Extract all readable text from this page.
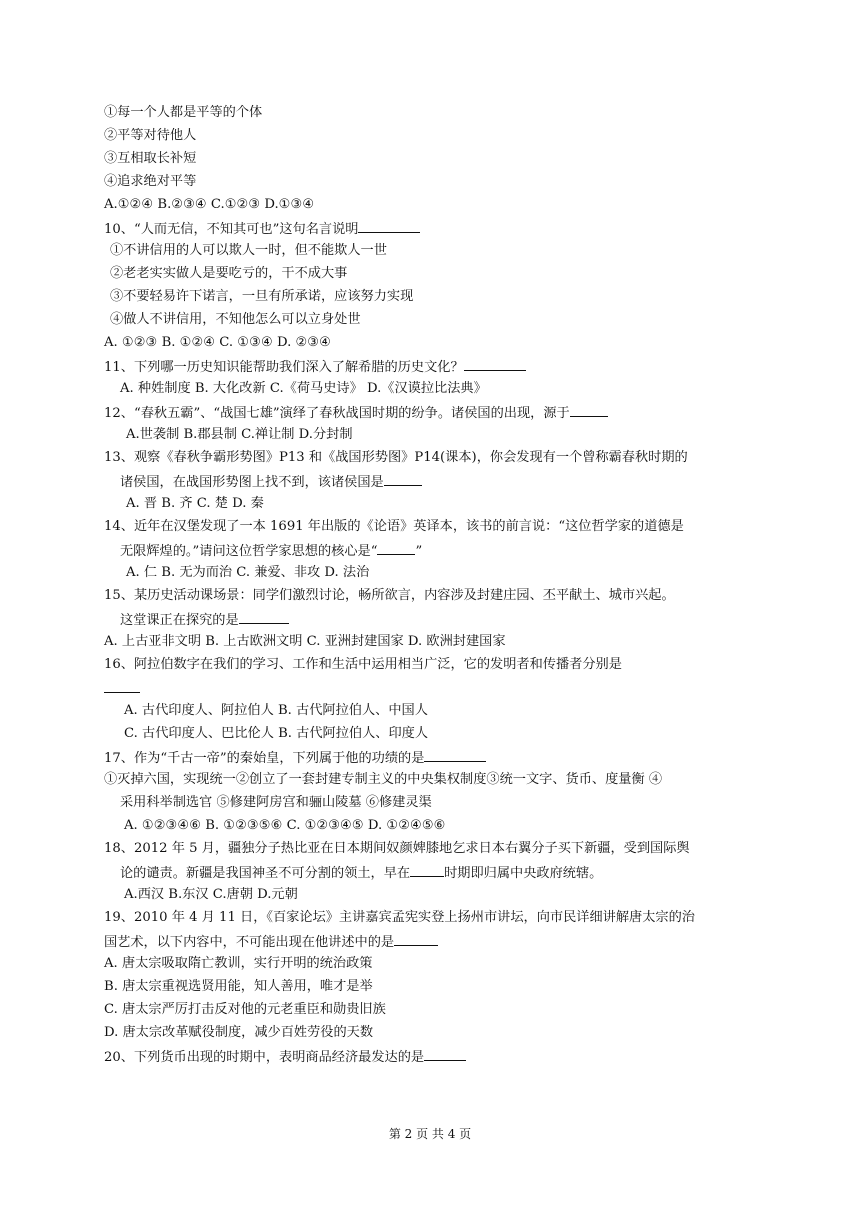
①每一个人都是平等的个体
②平等对待他人
③互相取长补短
④追求绝对平等
A.①②④ B.②③④ C.①②③ D.①③④
10、“人而无信，不知其可也”这句名言说明
①不讲信用的人可以欺人一时，但不能欺人一世
②老老实实做人是要吃亏的，干不成大事
③不要轻易许下诺言，一旦有所承诺，应该努力实现
④做人不讲信用，不知他怎么可以立身处世
A. ①②③ B. ①②④ C. ①③④ D. ②③④
11、下列哪一历史知识能帮助我们深入了解希腊的历史文化？
A. 种姓制度 B. 大化改新 C.《荷马史诗》 D.《汉谟拉比法典》
12、“春秋五霸”、“战国七雄”演绎了春秋战国时期的纷争。诸侯国的出现，源于
A.世袭制 B.郡县制 C.禅让制 D.分封制
13、观察《春秋争霸形势图》P13 和《战国形势图》P14(课本)，你会发现有一个曾称霸春秋时期的
诸侯国，在战国形势图上找不到，该诸侯国是
A. 晋 B. 齐 C. 楚 D. 秦
14、近年在汉堡发现了一本 1691 年出版的《论语》英译本，该书的前言说：“这位哲学家的道德是
无限辉煌的。”请问这位哲学家思想的核心是“	”
A. 仁 B. 无为而治 C. 兼爱、非攻 D. 法治
15、某历史活动课场景：同学们激烈讨论，畅所欲言，内容涉及封建庄园、丕平献土、城市兴起。
这堂课正在探究的是
A. 上古亚非文明 B. 上古欧洲文明 C. 亚洲封建国家 D. 欧洲封建国家
16、阿拉伯数字在我们的学习、工作和生活中运用相当广泛，它的发明者和传播者分别是
A. 古代印度人、阿拉伯人 B. 古代阿拉伯人、中国人
C. 古代印度人、巴比伦人 B. 古代阿拉伯人、印度人
17、作为“千古一帝”的秦始皇，下列属于他的功绩的是
①灭掉六国，实现统一②创立了一套封建专制主义的中央集权制度③统一文字、货币、度量衡 ④
采用科举制选官 ⑤修建阿房宫和骊山陵墓 ⑥修建灵渠
A. ①②③④⑥ B. ①②③⑤⑥ C. ①②③④⑤ D. ①②④⑤⑥
18、2012 年 5 月，疆独分子热比亚在日本期间奴颜婢膝地乞求日本右翼分子买下新疆，受到国际舆
论的谴责。新疆是我国神圣不可分割的领土，早在	时期即归属中央政府统辖。
A.西汉 B.东汉 C.唐朝 D.元朝
19、2010 年 4 月 11 日，《百家论坛》主讲嘉宾孟宪实登上扬州市讲坛，向市民详细讲解唐太宗的治
国艺术，以下内容中，不可能出现在他讲述中的是
A. 唐太宗吸取隋亡教训，实行开明的统治政策
B. 唐太宗重视选贤用能，知人善用，唯才是举
C. 唐太宗严厉打击反对他的元老重臣和勋贵旧族
D. 唐太宗改革赋役制度，减少百姓劳役的天数
20、下列货币出现的时期中，表明商品经济最发达的是
第 2 页 共 4 页
